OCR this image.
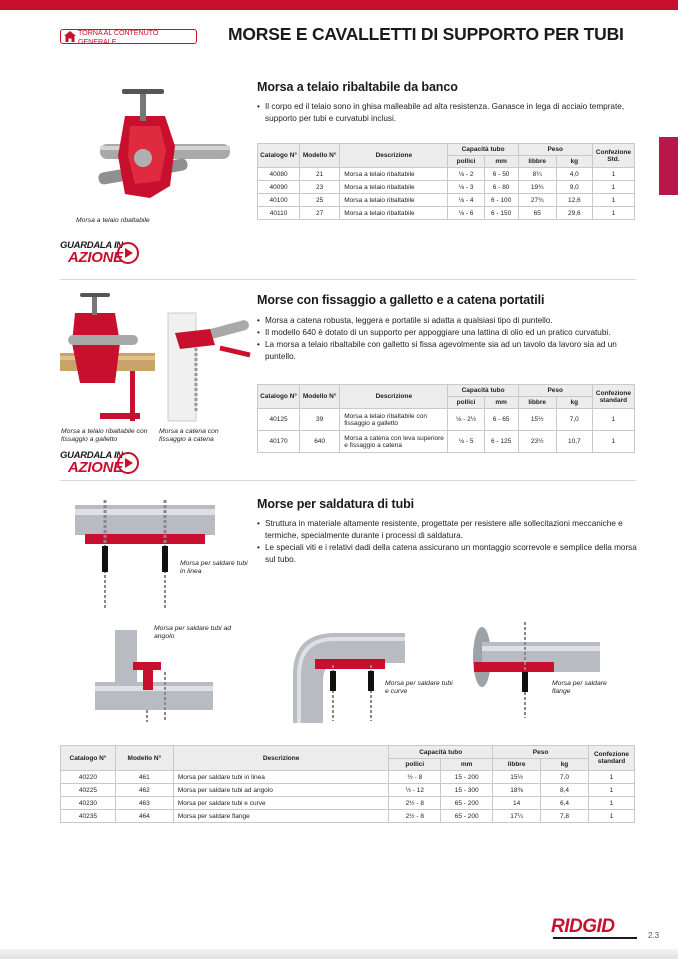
TORNA AL CONTENUTO GENERALE	MORSE E CAVALLETTI DI SUPPORTO PER TUBI
Morsa a telaio ribaltabile
GUARDALA IN
AZIONE
Morsa a telaio ribaltabile da banco
• Il corpo ed il telaio sono in ghisa malleabile ad alta resistenza. Ganasce in lega di acciaio temprate, supporto per tubi e curvatubi inclusi.
Catalogo N°	Modello N°	Descrizione	Capacità tubo		Peso		Confezione Std.
			pollici	mm	libbre	kg	
40080	21	Morsa a telaio ribaltabile	⅛ - 2	6 - 50	8¼	4,0	1
40090	23	Morsa a telaio ribaltabile	⅛ - 3	6 - 80	19¾	9,0	1
40100	25	Morsa a telaio ribaltabile	⅛ - 4	6 - 100	27¾	12,6	1
40110	27	Morsa a telaio ribaltabile	⅛ - 6	6 - 150	65	29,6	1
Morsa a telaio ribaltabile con fissaggio a galletto
Morsa a catena con fissaggio a catena
GUARDALA IN
AZIONE
Morse con fissaggio a galletto e a catena portatili
• Morsa a catena robusta, leggera e portatile si adatta a qualsiasi tipo di puntello.
• Il modello 640 è dotato di un supporto per appoggiare una lattina di olio ed un pratico curvatubi.
• La morsa a telaio ribaltabile con galletto si fissa agevolmente sia ad un tavolo da lavoro sia ad un puntello.
Catalogo N°	Modello N°	Descrizione	Capacità tubo		Peso		Confezione standard
			pollici	mm	libbre	kg	
40125	39	Morsa a telaio ribaltabile con fissaggio a galletto	⅛ - 2½	6 - 65	15½	7,0	1
40170	640	Morsa a catena con leva superiore e fissaggio a catena	⅛ - 5	6 - 125	23½	10,7	1
Morse per saldatura di tubi
• Struttura in materiale altamente resistente, progettate per resistere alle sollecitazioni meccaniche e termiche, specialmente durante i processi di saldatura.
• Le speciali viti e i relativi dadi della catena assicurano un montaggio scorrevole e semplice della morsa sul tubo.
Morsa per saldare tubi in linea
Morsa per saldare tubi ad angolo
Morsa per saldare tubi e curve
Morsa per saldare flange
Catalogo N°	Modello N°	Descrizione	Capacità tubo		Peso		Confezione standard
			pollici	mm	libbre	kg	
40220	461	Morsa per saldare tubi in linea	½ - 8	15 - 200	15½	7,0	1
40225	462	Morsa per saldare tubi ad angolo	½ - 12	15 - 300	18⅜	8,4	1
40230	463	Morsa per saldare tubi e curve	2½ - 8	65 - 200	14	6,4	1
40235	464	Morsa per saldare flange	2½ - 8	65 - 200	17¼	7,8	1
RIDGID	2.3
